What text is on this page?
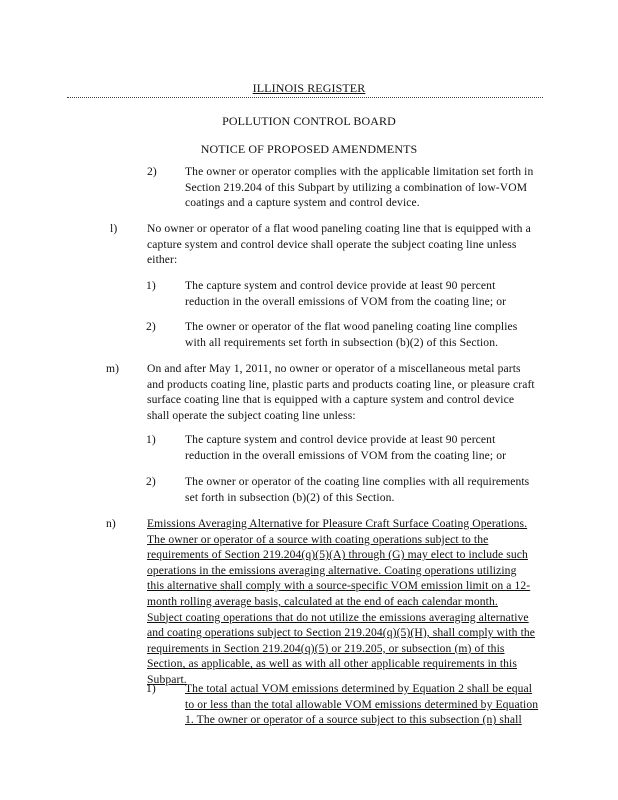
ILLINOIS REGISTER
POLLUTION CONTROL BOARD
NOTICE OF PROPOSED AMENDMENTS
2)	The owner or operator complies with the applicable limitation set forth in
Section 219.204 of this Subpart by utilizing a combination of low-VOM
coatings and a capture system and control device.
l)	No owner or operator of a flat wood paneling coating line that is equipped with a
capture system and control device shall operate the subject coating line unless
either:
1)	The capture system and control device provide at least 90 percent
reduction in the overall emissions of VOM from the coating line; or
2)	The owner or operator of the flat wood paneling coating line complies
with all requirements set forth in subsection (b)(2) of this Section.
m)	On and after May 1, 2011, no owner or operator of a miscellaneous metal parts
and products coating line, plastic parts and products coating line, or pleasure craft
surface coating line that is equipped with a capture system and control device
shall operate the subject coating line unless:
1)	The capture system and control device provide at least 90 percent
reduction in the overall emissions of VOM from the coating line; or
2)	The owner or operator of the coating line complies with all requirements
set forth in subsection (b)(2) of this Section.
n)	Emissions Averaging Alternative for Pleasure Craft Surface Coating Operations.
The owner or operator of a source with coating operations subject to the
requirements of Section 219.204(q)(5)(A) through (G) may elect to include such
operations in the emissions averaging alternative. Coating operations utilizing
this alternative shall comply with a source-specific VOM emission limit on a 12-
month rolling average basis, calculated at the end of each calendar month.
Subject coating operations that do not utilize the emissions averaging alternative
and coating operations subject to Section 219.204(q)(5)(H), shall comply with the
requirements in Section 219.204(q)(5) or 219.205, or subsection (m) of this
Section, as applicable, as well as with all other applicable requirements in this
Subpart.
1)	The total actual VOM emissions determined by Equation 2 shall be equal
to or less than the total allowable VOM emissions determined by Equation
1. The owner or operator of a source subject to this subsection (n) shall
